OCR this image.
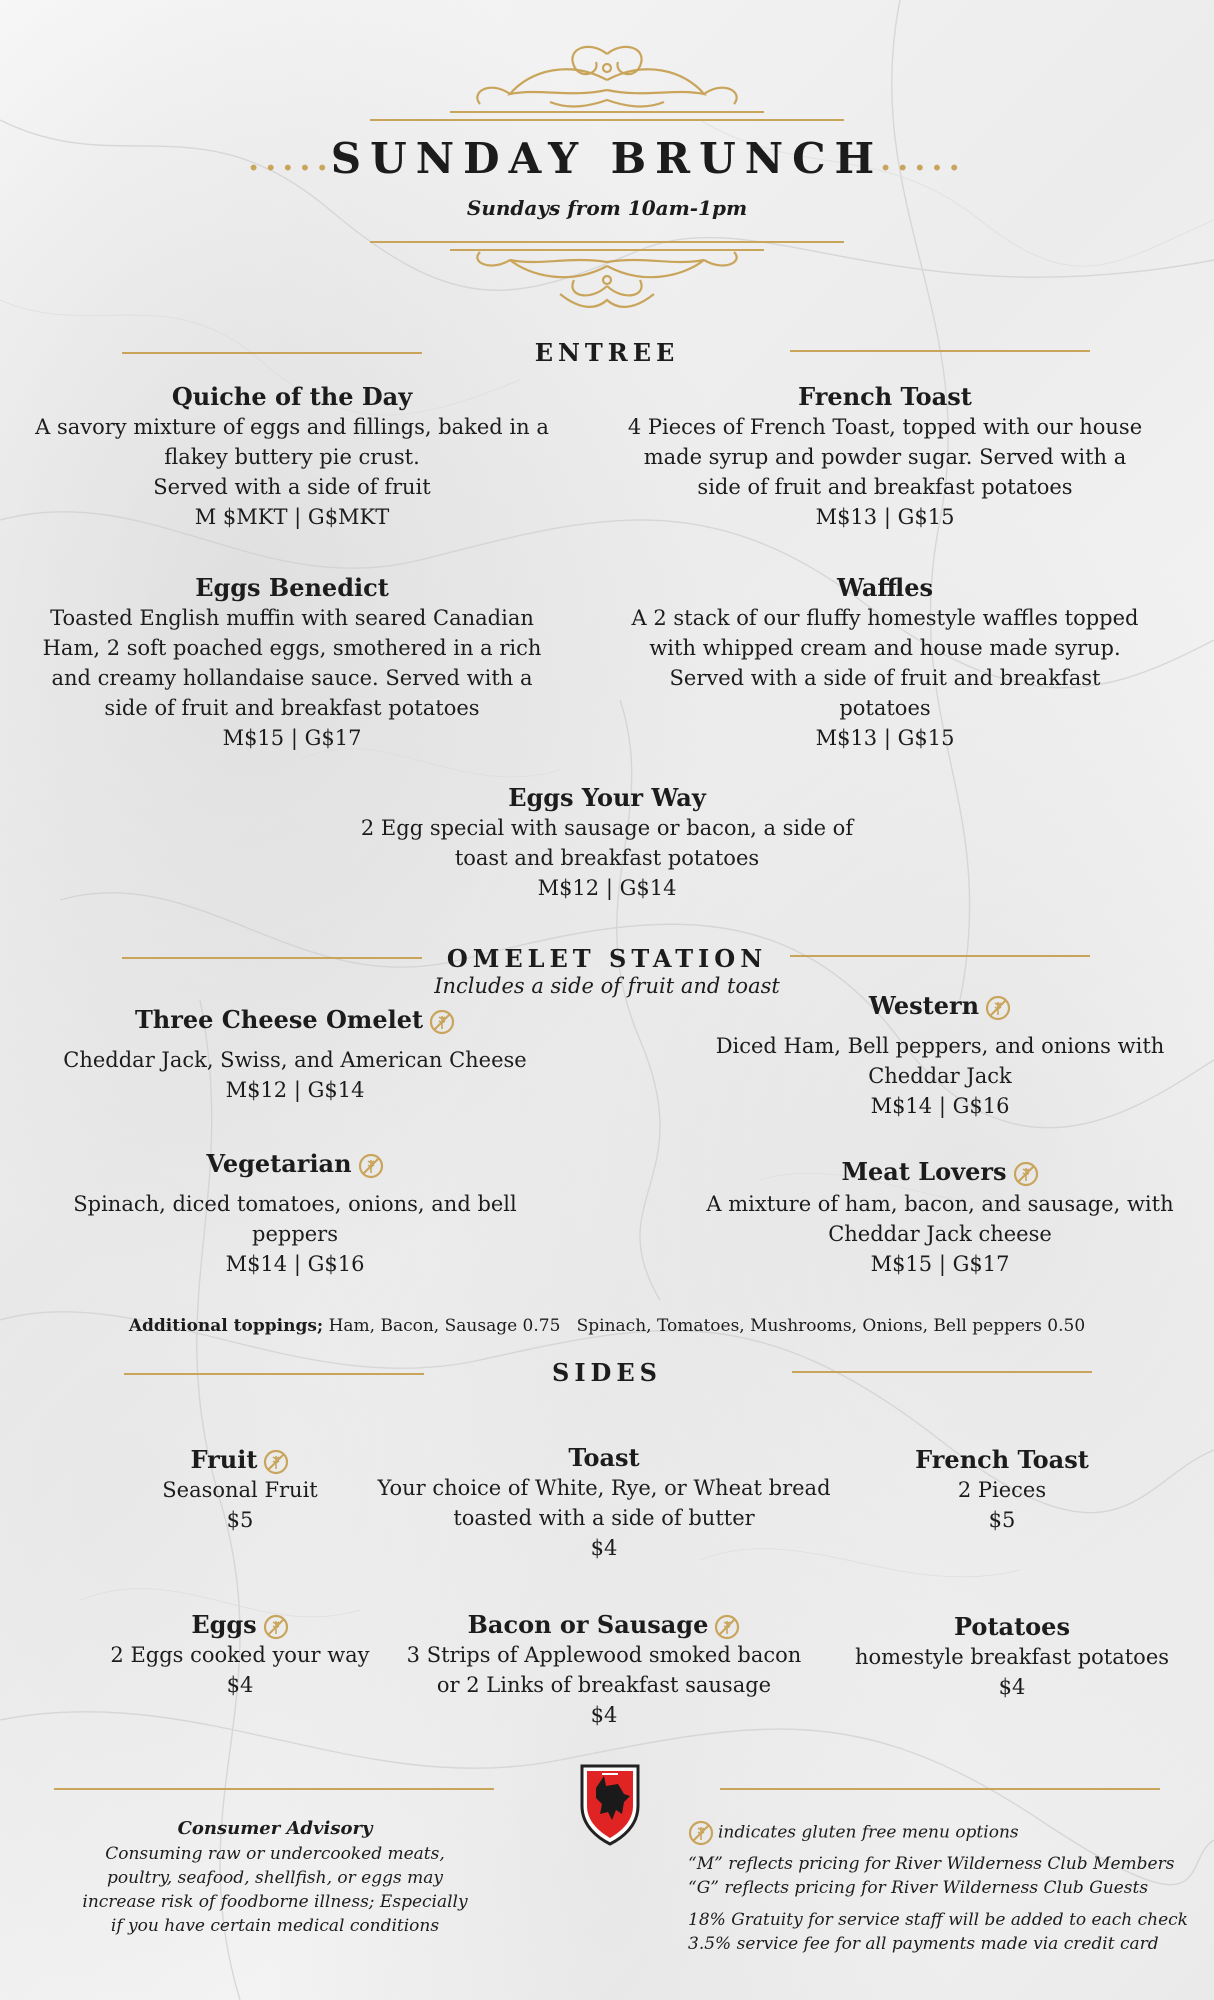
.....	.....
SUNDAY BRUNCH
Sundays from 10am-1pm
ENTREE
Quiche of the Day
A savory mixture of eggs and fillings, baked in a
flakey buttery pie crust.
Served with a side of fruit
M $MKT | G$MKT
French Toast
4 Pieces of French Toast, topped with our house
made syrup and powder sugar. Served with a
side of fruit and breakfast potatoes
M$13 | G$15
Eggs Benedict
Toasted English muffin with seared Canadian
Ham, 2 soft poached eggs, smothered in a rich
and creamy hollandaise sauce. Served with a
side of fruit and breakfast potatoes
M$15 | G$17
Waffles
A 2 stack of our fluffy homestyle waffles topped
with whipped cream and house made syrup.
Served with a side of fruit and breakfast
potatoes
M$13 | G$15
Eggs Your Way
2 Egg special with sausage or bacon, a side of
toast and breakfast potatoes
M$12 | G$14
OMELET STATION
Includes a side of fruit and toast
Three Cheese Omelet
Cheddar Jack, Swiss, and American Cheese
M$12 | G$14
Western
Diced Ham, Bell peppers, and onions with
Cheddar Jack
M$14 | G$16
Vegetarian
Spinach, diced tomatoes, onions, and bell
peppers
M$14 | G$16
Meat Lovers
A mixture of ham, bacon, and sausage, with
Cheddar Jack cheese
M$15 | G$17
Additional toppings; Ham, Bacon, Sausage 0.75   Spinach, Tomatoes, Mushrooms, Onions, Bell peppers 0.50
SIDES
Fruit
Seasonal Fruit
$5
Toast
Your choice of White, Rye, or Wheat bread
toasted with a side of butter
$4
French Toast
2 Pieces
$5
Eggs
2 Eggs cooked your way
$4
Bacon or Sausage
3 Strips of Applewood smoked bacon
or 2 Links of breakfast sausage
$4
Potatoes
homestyle breakfast potatoes
$4
Consumer Advisory
Consuming raw or undercooked meats,
poultry, seafood, shellfish, or eggs may
increase risk of foodborne illness; Especially
if you have certain medical conditions
indicates gluten free menu options
“M” reflects pricing for River Wilderness Club Members
“G” reflects pricing for River Wilderness Club Guests
18% Gratuity for service staff will be added to each check
3.5% service fee for all payments made via credit card
